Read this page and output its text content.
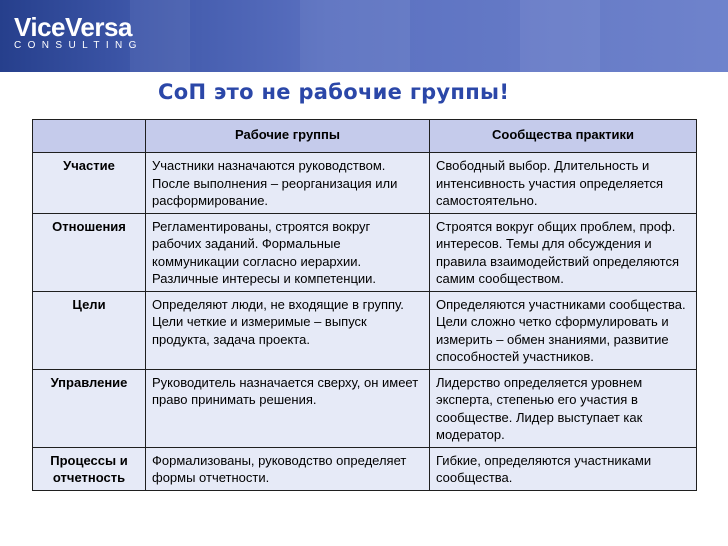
ViceVersa
CONSULTING
СоП это не рабочие группы!
	Рабочие группы	Сообщества практики
Участие	Участники назначаются руководством. После выполнения – реорганизация или расформирование.	Свободный выбор. Длительность и интенсивность участия определяется самостоятельно.
Отношения	Регламентированы, строятся вокруг рабочих заданий. Формальные коммуникации согласно иерархии. Различные интересы и компетенции.	Строятся вокруг общих проблем, проф. интересов. Темы для обсуждения и правила взаимодействий определяются самим сообществом.
Цели	Определяют люди, не входящие в группу. Цели четкие и измеримые – выпуск продукта, задача проекта.	Определяются участниками сообщества. Цели сложно четко сформулировать и измерить – обмен знаниями, развитие способностей участников.
Управление	Руководитель назначается сверху, он имеет право принимать решения.	Лидерство определяется уровнем эксперта, степенью его участия в сообществе. Лидер выступает как модератор.
Процессы и отчетность	Формализованы, руководство определяет формы отчетности.	Гибкие, определяются участниками сообщества.
